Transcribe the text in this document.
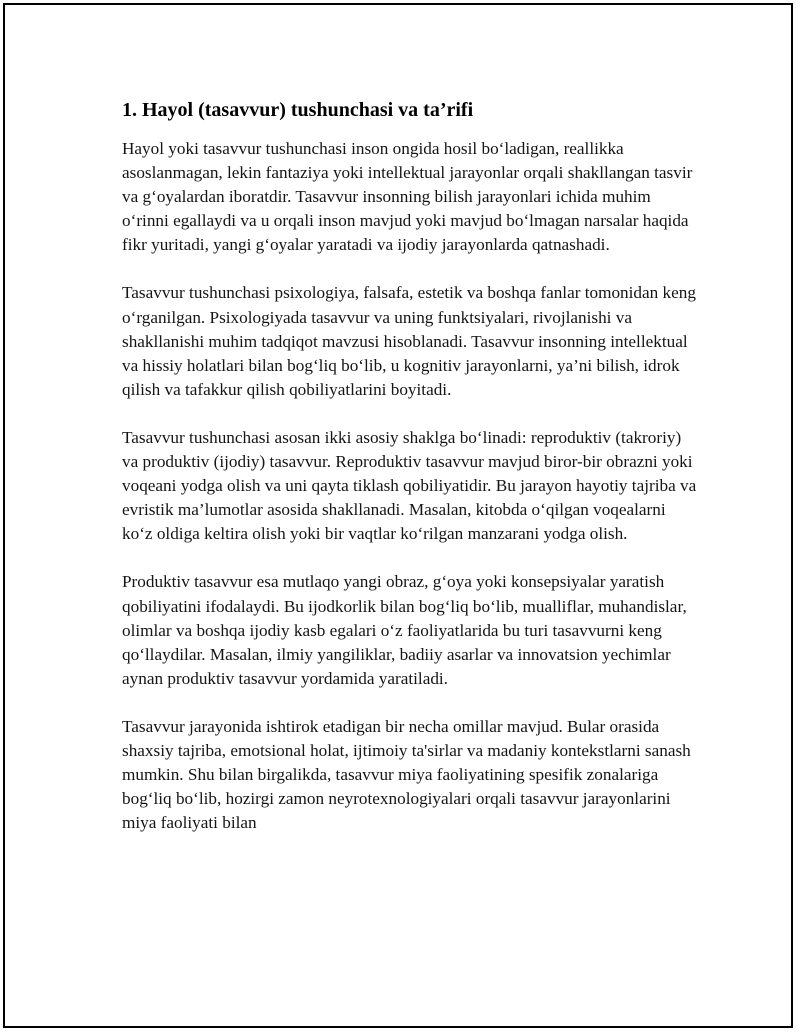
1. Hayol (tasavvur) tushunchasi va ta’rifi

Hayol yoki tasavvur tushunchasi inson ongida hosil bo‘ladigan, reallikka asoslanmagan, lekin fantaziya yoki intellektual jarayonlar orqali shakllangan tasvir va g‘oyalardan iboratdir. Tasavvur insonning bilish jarayonlari ichida muhim o‘rinni egallaydi va u orqali inson mavjud yoki mavjud bo‘lmagan narsalar haqida fikr yuritadi, yangi g‘oyalar yaratadi va ijodiy jarayonlarda qatnashadi.

Tasavvur tushunchasi psixologiya, falsafa, estetik va boshqa fanlar tomonidan keng o‘rganilgan. Psixologiyada tasavvur va uning funktsiyalari, rivojlanishi va shakllanishi muhim tadqiqot mavzusi hisoblanadi. Tasavvur insonning intellektual va hissiy holatlari bilan bog‘liq bo‘lib, u kognitiv jarayonlarni, ya’ni bilish, idrok qilish va tafakkur qilish qobiliyatlarini boyitadi.

Tasavvur tushunchasi asosan ikki asosiy shaklga bo‘linadi: reproduktiv (takroriy) va produktiv (ijodiy) tasavvur. Reproduktiv tasavvur mavjud biror-bir obrazni yoki voqeani yodga olish va uni qayta tiklash qobiliyatidir. Bu jarayon hayotiy tajriba va evristik ma’lumotlar asosida shakllanadi. Masalan, kitobda o‘qilgan voqealarni ko‘z oldiga keltira olish yoki bir vaqtlar ko‘rilgan manzarani yodga olish.

Produktiv tasavvur esa mutlaqo yangi obraz, g‘oya yoki konsepsiyalar yaratish qobiliyatini ifodalaydi. Bu ijodkorlik bilan bog‘liq bo‘lib, mualliflar, muhandislar, olimlar va boshqa ijodiy kasb egalari o‘z faoliyatlarida bu turi tasavvurni keng qo‘llaydilar. Masalan, ilmiy yangiliklar, badiiy asarlar va innovatsion yechimlar aynan produktiv tasavvur yordamida yaratiladi.

Tasavvur jarayonida ishtirok etadigan bir necha omillar mavjud. Bular orasida shaxsiy tajriba, emotsional holat, ijtimoiy ta'sirlar va madaniy kontekstlarni sanash mumkin. Shu bilan birgalikda, tasavvur miya faoliyatining spesifik zonalariga bog‘liq bo‘lib, hozirgi zamon neyrotexnologiyalari orqali tasavvur jarayonlarini miya faoliyati bilan
